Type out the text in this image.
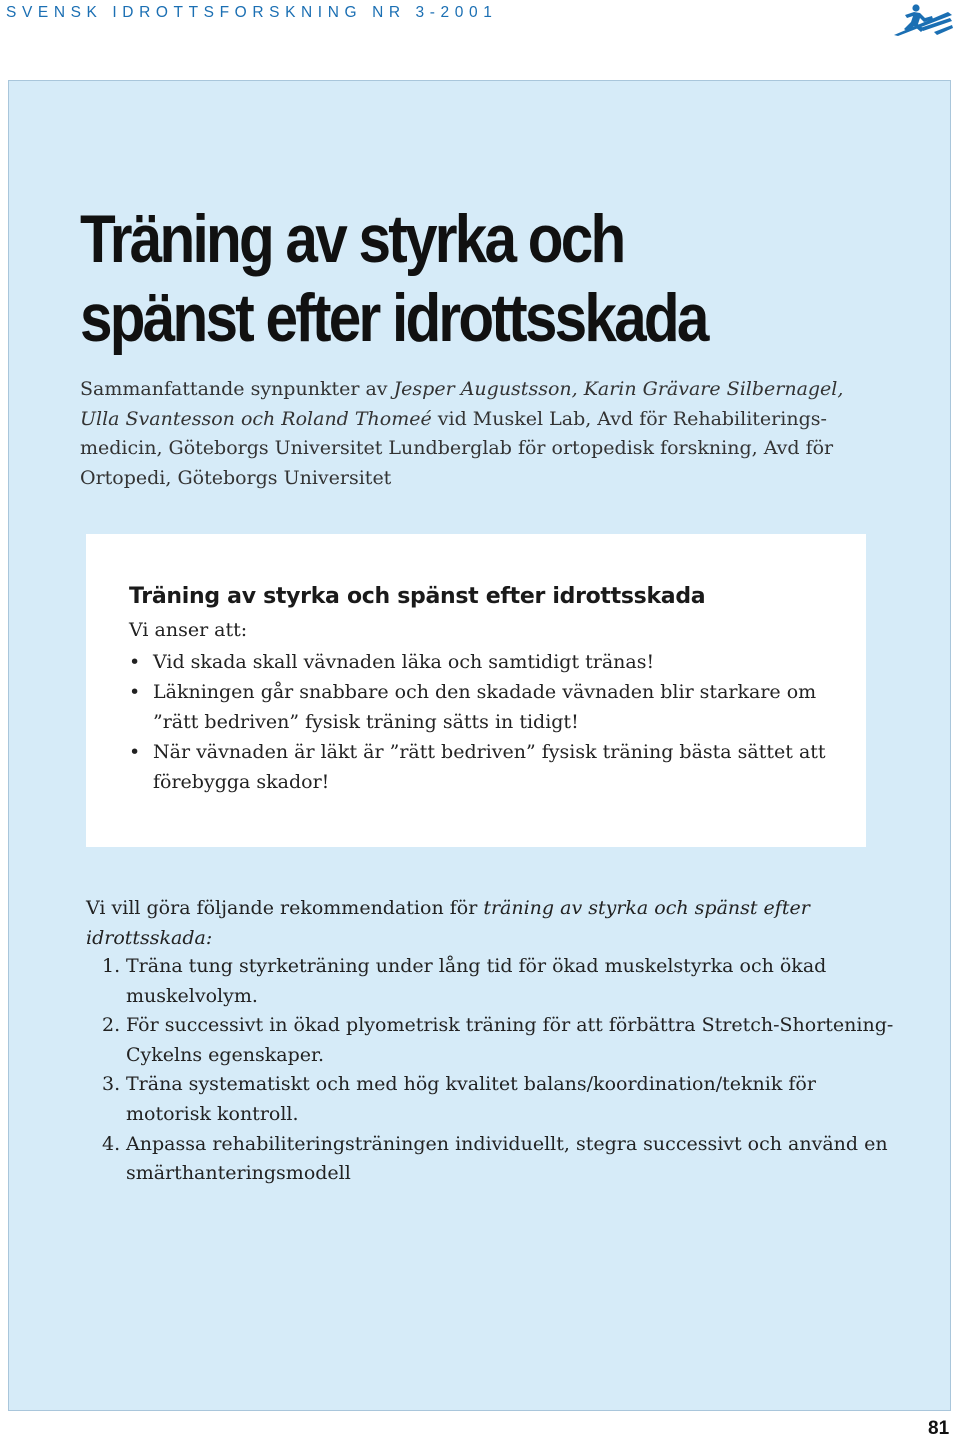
SVENSK IDROTTSFORSKNING NR 3-2001
Träning av styrka och
spänst efter idrottsskada

Sammanfattande synpunkter av Jesper Augustsson, Karin Grävare Silbernagel, Ulla Svantesson och Roland Thomeé vid Muskel Lab, Avd för Rehabiliterings-medicin, Göteborgs Universitet Lundberglab för ortopedisk forskning, Avd för Ortopedi, Göteborgs Universitet

Träning av styrka och spänst efter idrottsskada

Vi anser att:

• Vid skada skall vävnaden läka och samtidigt tränas!
• Läkningen går snabbare och den skadade vävnaden blir starkare om ”rätt bedriven” fysisk träning sätts in tidigt!
• När vävnaden är läkt är ”rätt bedriven” fysisk träning bästa sättet att förebygga skador!

Vi vill göra följande rekommendation för träning av styrka och spänst efter idrottsskada:

1. Träna tung styrketräning under lång tid för ökad muskelstyrka och ökad muskelvolym.
2. För successivt in ökad plyometrisk träning för att förbättra Stretch-Shortening-Cykelns egenskaper.
3. Träna systematiskt och med hög kvalitet balans/koordination/teknik för motorisk kontroll.
4. Anpassa rehabiliteringsträningen individuellt, stegra successivt och använd en smärthanteringsmodell
81
